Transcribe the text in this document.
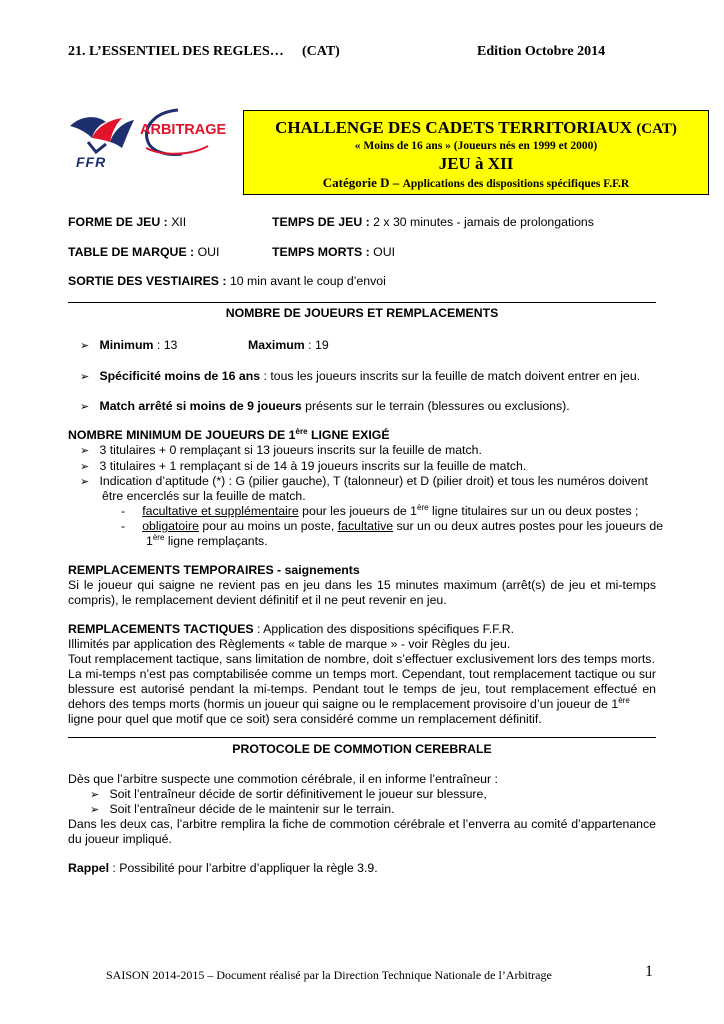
21. L’ESSENTIEL DES REGLES… (CAT)	Edition Octobre 2014
FFR
ARBITRAGE	CHALLENGE DES CADETS TERRITORIAUX (CAT)
« Moins de 16 ans » (Joueurs nés en 1999 et 2000)
JEU à XII
Catégorie D – Applications des dispositions spécifiques F.F.R
FORME DE JEU : XII	TEMPS DE JEU : 2 x 30 minutes - jamais de prolongations
TABLE DE MARQUE : OUI	TEMPS MORTS : OUI
SORTIE DES VESTIAIRES : 10 min avant le coup d’envoi
NOMBRE DE JOUEURS ET REMPLACEMENTS
➢ Minimum : 13	Maximum : 19
➢ Spécificité moins de 16 ans : tous les joueurs inscrits sur la feuille de match doivent entrer en jeu.
➢ Match arrêté si moins de 9 joueurs présents sur le terrain (blessures ou exclusions).
NOMBRE MINIMUM DE JOUEURS DE 1ère LIGNE EXIGÉ
➢ 3 titulaires + 0 remplaçant si 13 joueurs inscrits sur la feuille de match.
➢ 3 titulaires + 1 remplaçant si de 14 à 19 joueurs inscrits sur la feuille de match.
➢ Indication d’aptitude (*) : G (pilier gauche), T (talonneur) et D (pilier droit) et tous les numéros doivent
être encerclés sur la feuille de match.
-     facultative et supplémentaire pour les joueurs de 1ère ligne titulaires sur un ou deux postes ;
-     obligatoire pour au moins un poste, facultative sur un ou deux autres postes pour les joueurs de
1ère ligne remplaçants.
REMPLACEMENTS TEMPORAIRES - saignements
Si le joueur qui saigne ne revient pas en jeu dans les 15 minutes maximum (arrêt(s) de jeu et mi-temps
compris), le remplacement devient définitif et il ne peut revenir en jeu.
REMPLACEMENTS TACTIQUES : Application des dispositions spécifiques F.F.R.
Illimités par application des Règlements « table de marque » - voir Règles du jeu.
Tout remplacement tactique, sans limitation de nombre, doit s’effectuer exclusivement lors des temps morts.
La mi-temps n’est pas comptabilisée comme un temps mort. Cependant, tout remplacement tactique ou sur
blessure est autorisé pendant la mi-temps. Pendant tout le temps de jeu, tout remplacement effectué en
dehors des temps morts (hormis un joueur qui saigne ou le remplacement provisoire d’un joueur de 1ère
ligne pour quel que motif que ce soit) sera considéré comme un remplacement définitif.
PROTOCOLE DE COMMOTION CEREBRALE
Dès que l’arbitre suspecte une commotion cérébrale, il en informe l’entraîneur :
➢ Soit l’entraîneur décide de sortir définitivement le joueur sur blessure,
➢ Soit l’entraîneur décide de le maintenir sur le terrain.
Dans les deux cas, l’arbitre remplira la fiche de commotion cérébrale et l’enverra au comité d’appartenance
du joueur impliqué.
Rappel : Possibilité pour l’arbitre d’appliquer la règle 3.9.
SAISON 2014-2015 – Document réalisé par la Direction Technique Nationale de l’Arbitrage	1
